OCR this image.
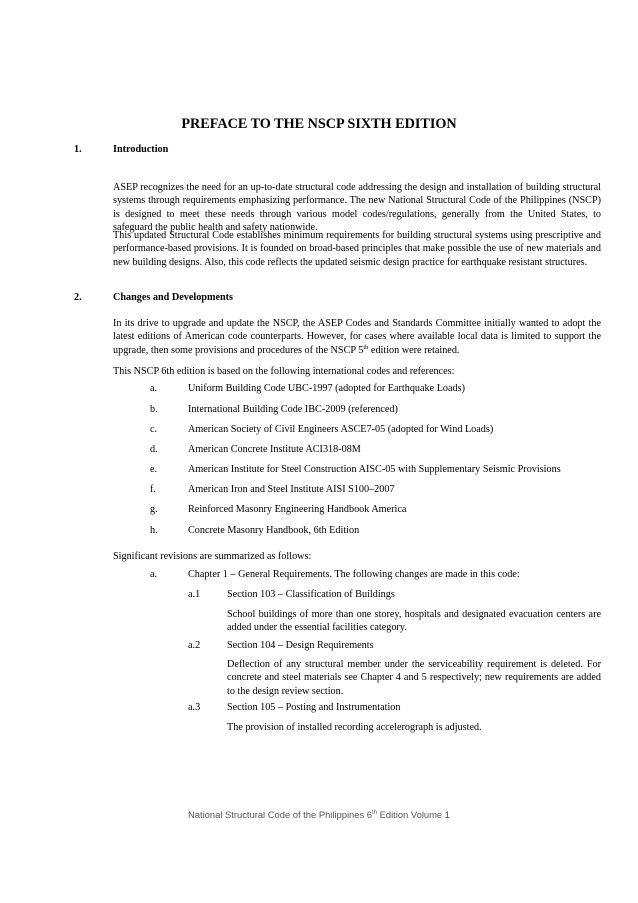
PREFACE TO THE NSCP SIXTH EDITION
1.	Introduction
ASEP recognizes the need for an up-to-date structural code addressing the design and installation of building structural systems through requirements emphasizing performance. The new National Structural Code of the Philippines (NSCP) is designed to meet these needs through various model codes/regulations, generally from the United States, to safeguard the public health and safety nationwide.
This updated Structural Code establishes minimum requirements for building structural systems using prescriptive and performance-based provisions. It is founded on broad-based principles that make possible the use of new materials and new building designs. Also, this code reflects the updated seismic design practice for earthquake resistant structures.
2.	Changes and Developments
In its drive to upgrade and update the NSCP, the ASEP Codes and Standards Committee initially wanted to adopt the latest editions of American code counterparts. However, for cases where available local data is limited to support the upgrade, then some provisions and procedures of the NSCP 5th edition were retained.
This NSCP 6th edition is based on the following international codes and references:
a.	Uniform Building Code UBC-1997 (adopted for Earthquake Loads)
b.	International Building Code IBC-2009 (referenced)
c.	American Society of Civil Engineers ASCE7-05 (adopted for Wind Loads)
d.	American Concrete Institute ACI318-08M
e.	American Institute for Steel Construction AISC-05 with Supplementary Seismic Provisions
f.	American Iron and Steel Institute AISI S100–2007
g.	Reinforced Masonry Engineering Handbook America
h.	Concrete Masonry Handbook, 6th Edition
Significant revisions are summarized as follows:
a.	Chapter 1 – General Requirements. The following changes are made in this code:
a.1	Section 103 – Classification of Buildings
School buildings of more than one storey, hospitals and designated evacuation centers are added under the essential facilities category.
a.2	Section 104 – Design Requirements
Deflection of any structural member under the serviceability requirement is deleted. For concrete and steel materials see Chapter 4 and 5 respectively; new requirements are added to the design review section.
a.3	Section 105 – Posting and Instrumentation
The provision of installed recording accelerograph is adjusted.
National Structural Code of the Philippines 6th Edition Volume 1
